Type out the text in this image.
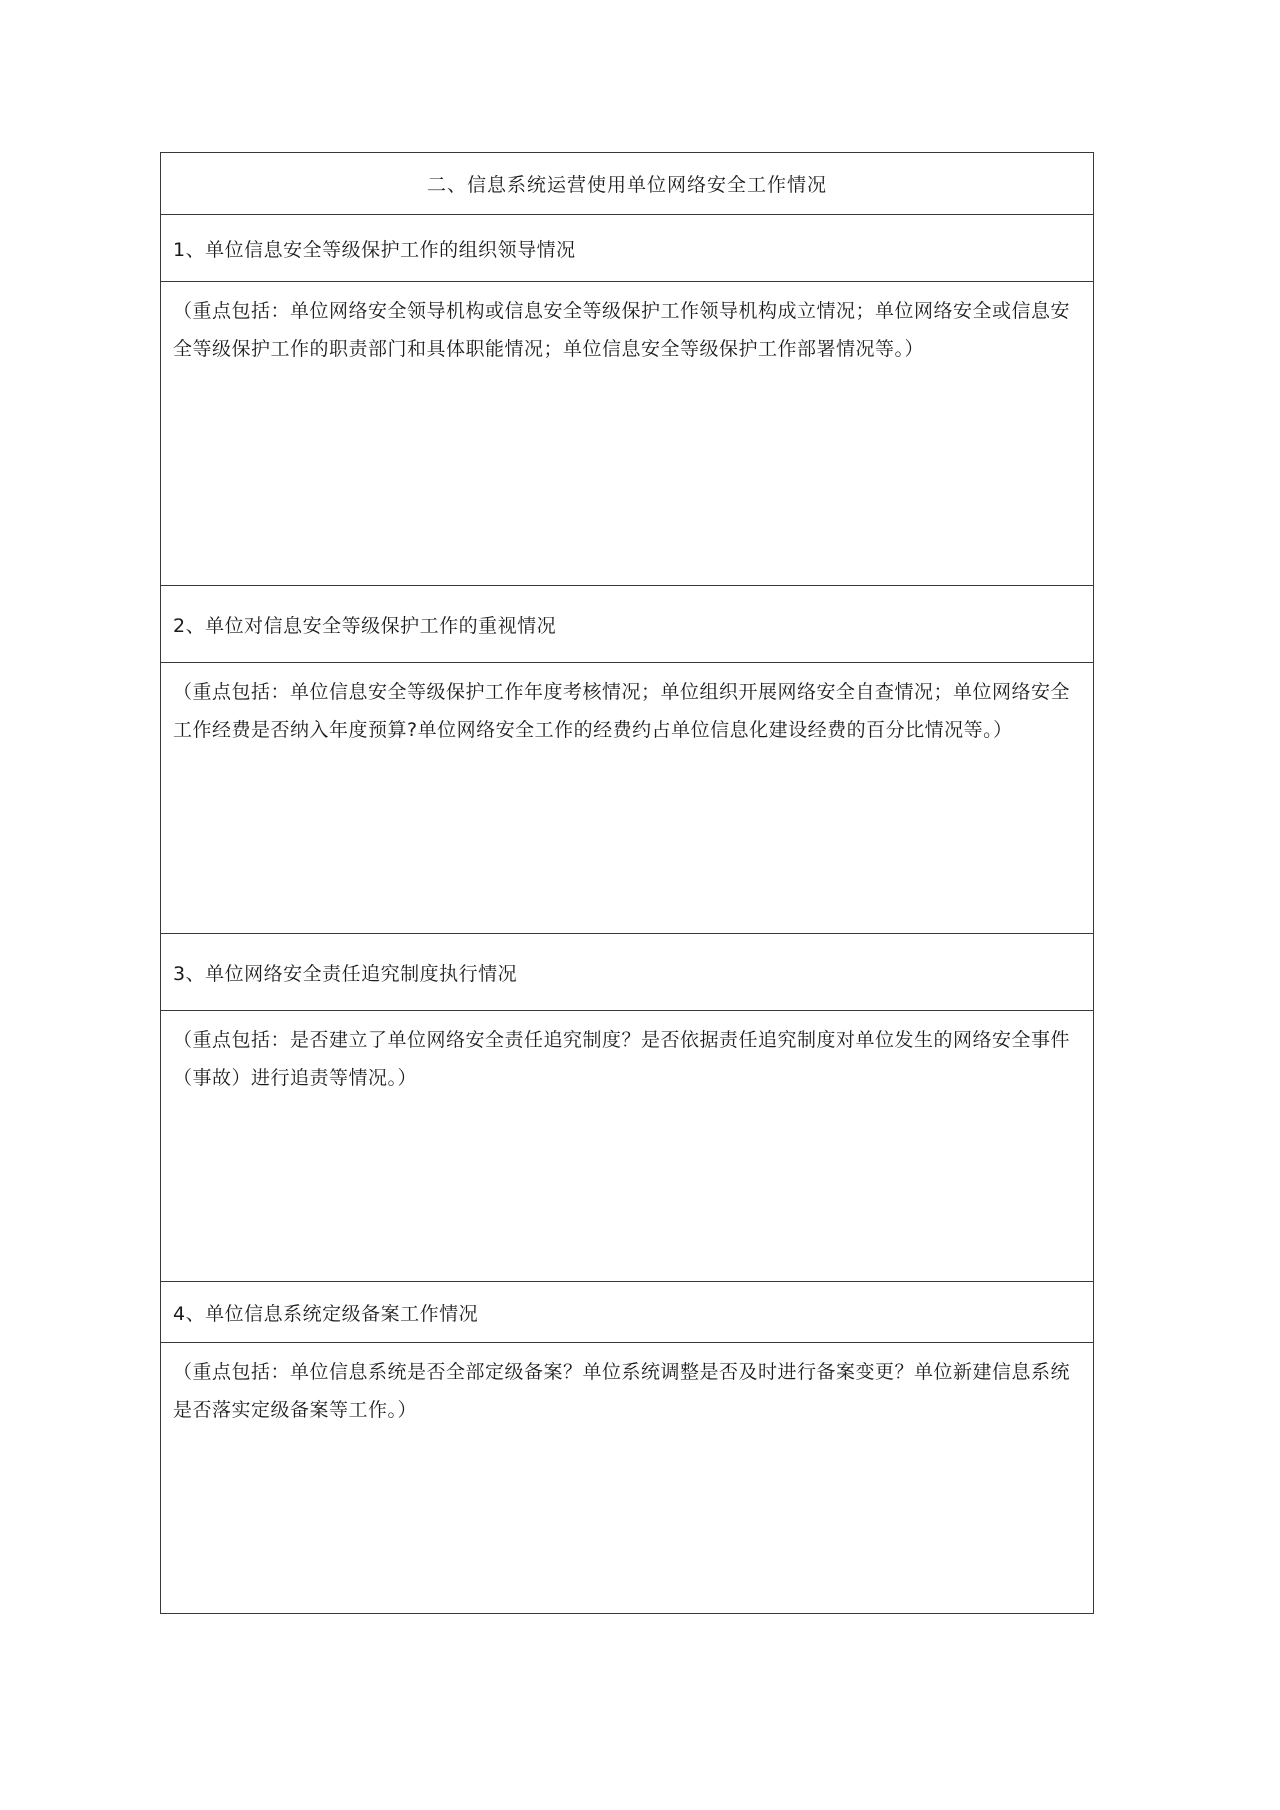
二、信息系统运营使用单位网络安全工作情况
1、单位信息安全等级保护工作的组织领导情况

（重点包括：单位网络安全领导机构或信息安全等级保护工作领导机构成立情况；单位网络安全或信息安全等级保护工作的职责部门和具体职能情况；单位信息安全等级保护工作部署情况等。）

2、单位对信息安全等级保护工作的重视情况

（重点包括：单位信息安全等级保护工作年度考核情况；单位组织开展网络安全自查情况；单位网络安全工作经费是否纳入年度预算?单位网络安全工作的经费约占单位信息化建设经费的百分比情况等。）

3、单位网络安全责任追究制度执行情况

（重点包括：是否建立了单位网络安全责任追究制度？是否依据责任追究制度对单位发生的网络安全事件（事故）进行追责等情况。）

4、单位信息系统定级备案工作情况

（重点包括：单位信息系统是否全部定级备案？单位系统调整是否及时进行备案变更？单位新建信息系统是否落实定级备案等工作。）
